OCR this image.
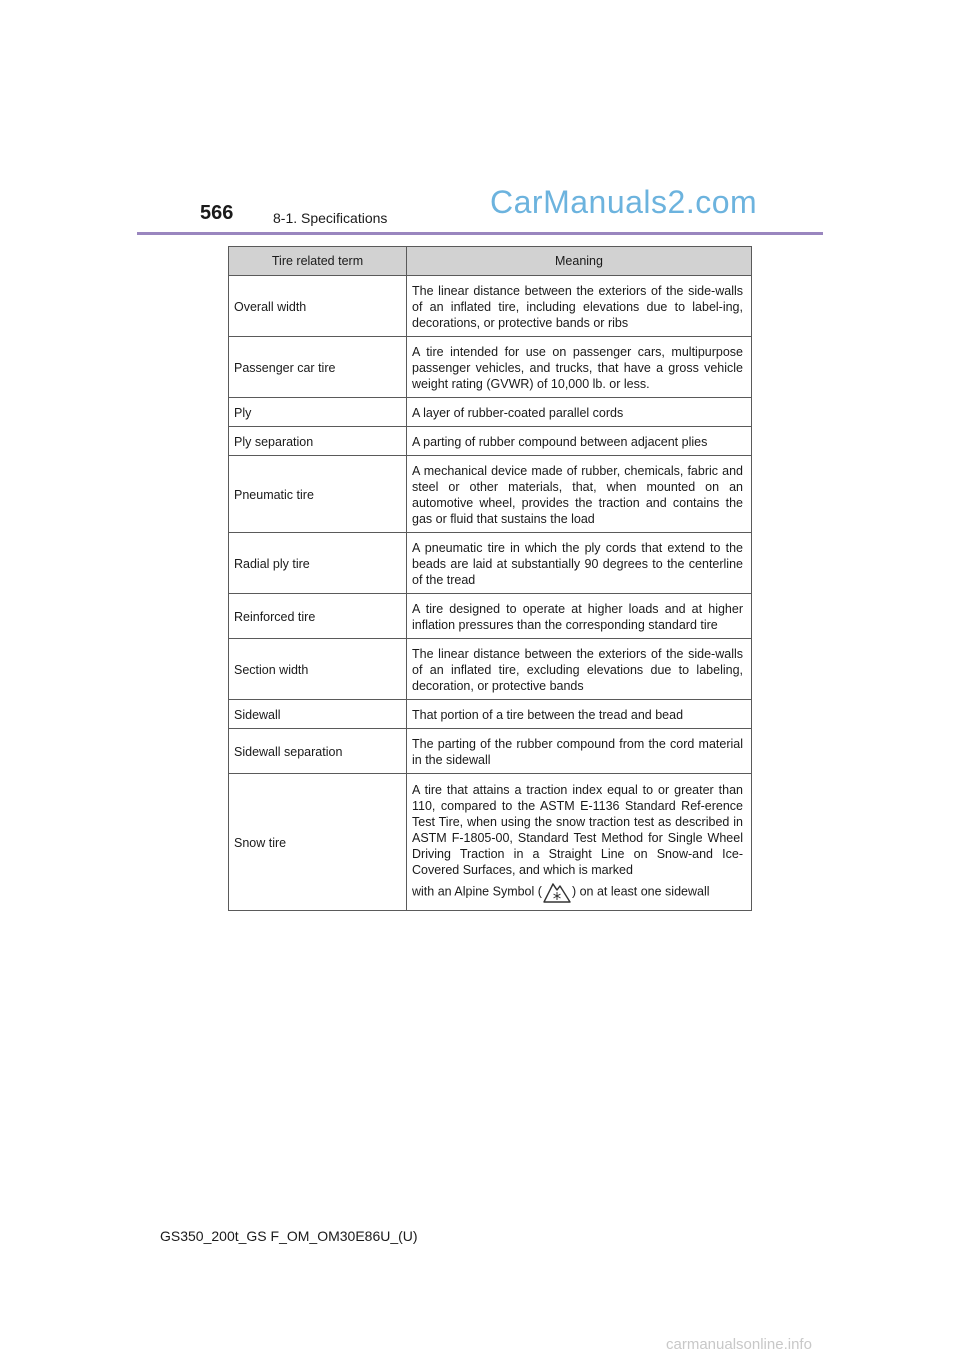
566	8-1. Specifications	CarManuals2.com
Tire related term	Meaning
Overall width	The linear distance between the exteriors of the side-walls of an inflated tire, including elevations due to label-ing, decorations, or protective bands or ribs
Passenger car tire	A tire intended for use on passenger cars, multipurpose passenger vehicles, and trucks, that have a gross vehicle weight rating (GVWR) of 10,000 lb. or less.
Ply	A layer of rubber-coated parallel cords
Ply separation	A parting of rubber compound between adjacent plies
Pneumatic tire	A mechanical device made of rubber, chemicals, fabric and steel or other materials, that, when mounted on an automotive wheel, provides the traction and contains the gas or fluid that sustains the load
Radial ply tire	A pneumatic tire in which the ply cords that extend to the beads are laid at substantially 90 degrees to the centerline of the tread
Reinforced tire	A tire designed to operate at higher loads and at higher inflation pressures than the corresponding standard tire
Section width	The linear distance between the exteriors of the side-walls of an inflated tire, excluding elevations due to labeling, decoration, or protective bands
Sidewall	That portion of a tire between the tread and bead
Sidewall separation	The parting of the rubber compound from the cord material in the sidewall
Snow tire	A tire that attains a traction index equal to or greater than 110, compared to the ASTM E-1136 Standard Ref-erence Test Tire, when using the snow traction test as described in ASTM F-1805-00, Standard Test Method for Single Wheel Driving Traction in a Straight Line on Snow-and Ice-Covered Surfaces, and which is marked
with an Alpine Symbol ( ) on at least one sidewall
GS350_200t_GS F_OM_OM30E86U_(U)
carmanualsonline.info
